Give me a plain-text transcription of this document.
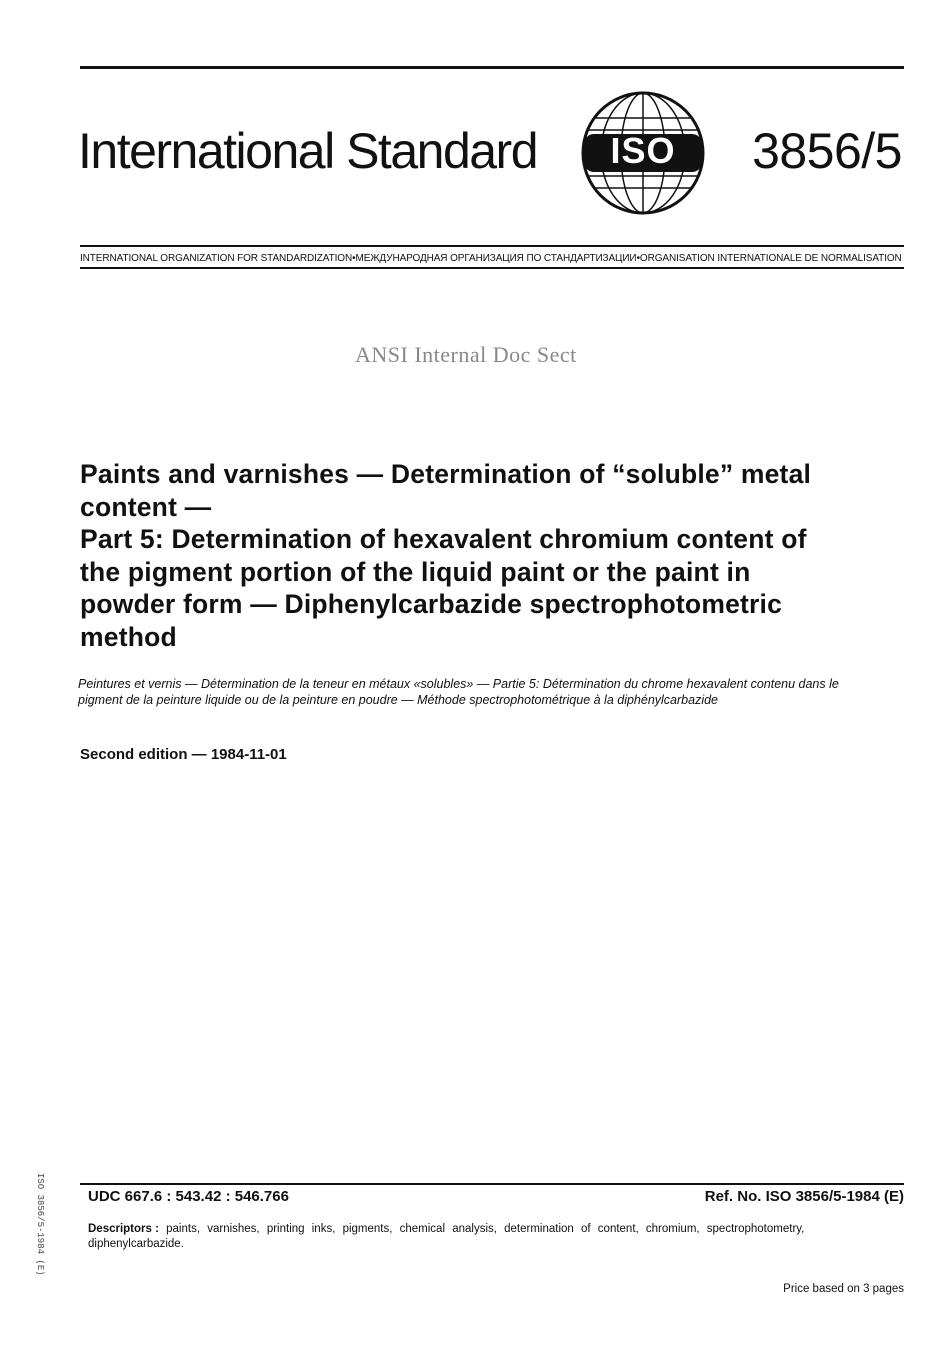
International Standard	ISO	3856/5
INTERNATIONAL ORGANIZATION FOR STANDARDIZATION•МЕЖДУНАРОДНАЯ ОРГАНИЗАЦИЯ ПО СТАНДАРТИЗАЦИИ•ORGANISATION INTERNATIONALE DE NORMALISATION
ANSI Internal Doc Sect
Paints and varnishes — Determination of “soluble” metal
content —
Part 5: Determination of hexavalent chromium content of
the pigment portion of the liquid paint or the paint in
powder form — Diphenylcarbazide spectrophotometric
method
Peintures et vernis — Détermination de la teneur en métaux «solubles» — Partie 5: Détermination du chrome hexavalent contenu dans le pigment de la peinture liquide ou de la peinture en poudre — Méthode spectrophotométrique à la diphénylcarbazide
Second edition — 1984-11-01
ISO 3856/5-1984 (E)	UDC 667.6 : 543.42 : 546.766	Ref. No. ISO 3856/5-1984 (E)
Descriptors : paints, varnishes, printing inks, pigments, chemical analysis, determination of content, chromium, spectrophotometry, diphenylcarbazide.
Price based on 3 pages
